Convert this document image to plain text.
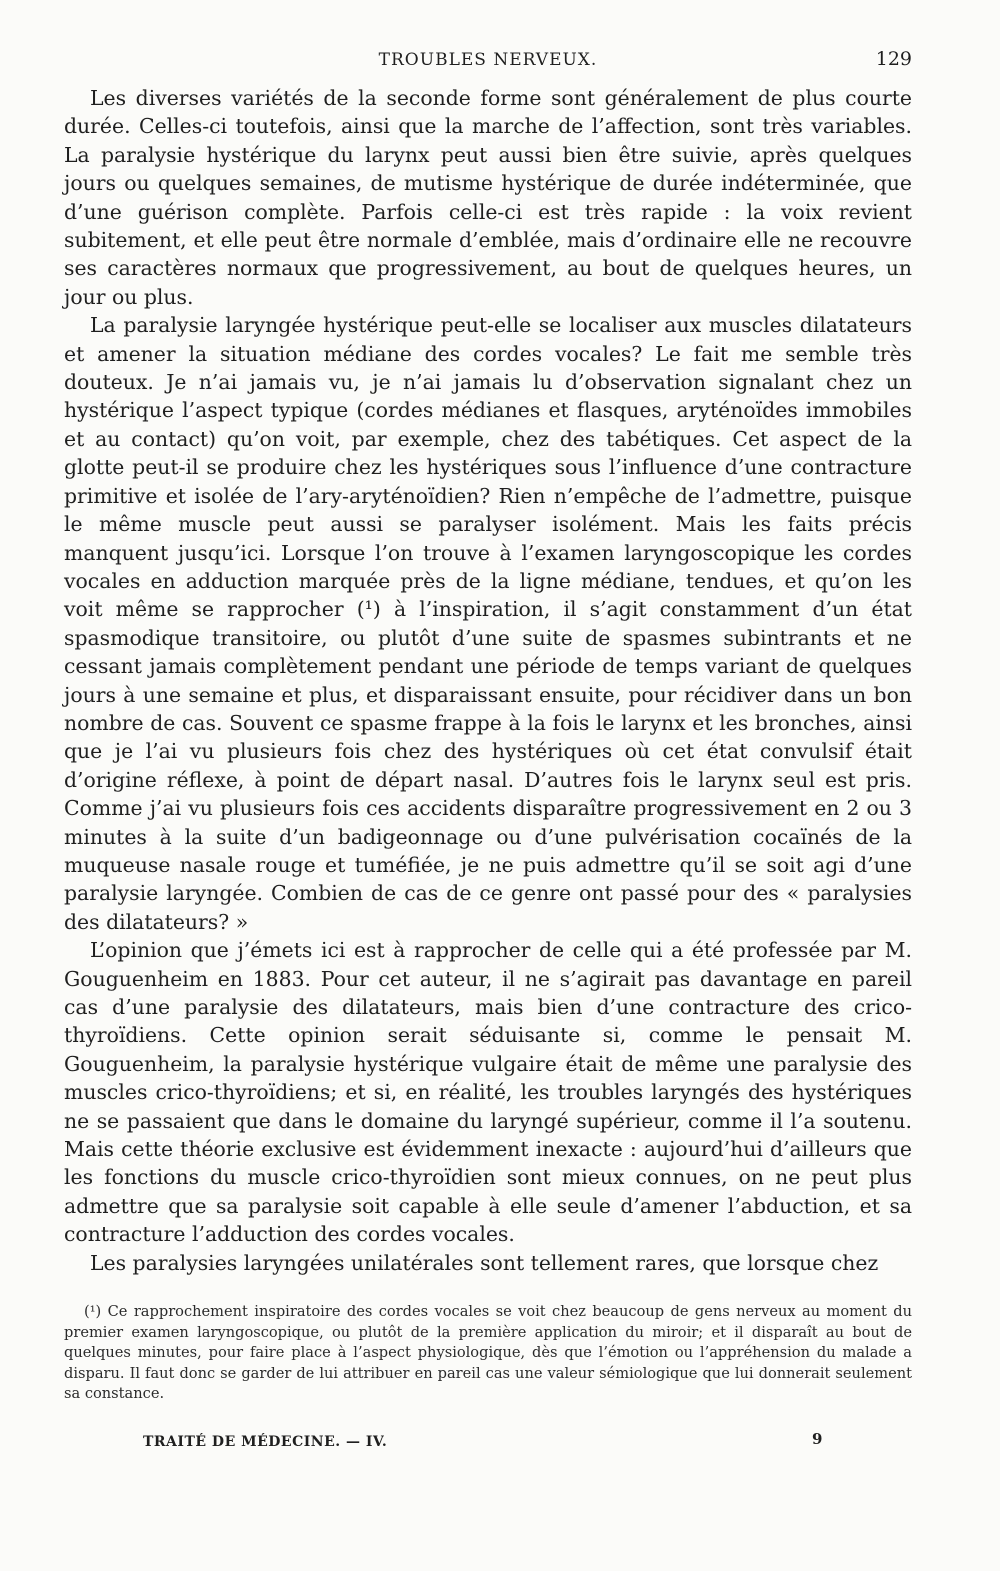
TROUBLES NERVEUX.	129

Les diverses variétés de la seconde forme sont généralement de plus courte durée. Celles-ci toutefois, ainsi que la marche de l’affection, sont très variables. La paralysie hystérique du larynx peut aussi bien être suivie, après quelques jours ou quelques semaines, de mutisme hystérique de durée indéterminée, que d’une guérison complète. Parfois celle-ci est très rapide : la voix revient subitement, et elle peut être normale d’emblée, mais d’ordinaire elle ne recouvre ses caractères normaux que progressivement, au bout de quelques heures, un jour ou plus.

La paralysie laryngée hystérique peut-elle se localiser aux muscles dilatateurs et amener la situation médiane des cordes vocales? Le fait me semble très douteux. Je n’ai jamais vu, je n’ai jamais lu d’observation signalant chez un hystérique l’aspect typique (cordes médianes et flasques, aryténoïdes immobiles et au contact) qu’on voit, par exemple, chez des tabétiques. Cet aspect de la glotte peut-il se produire chez les hystériques sous l’influence d’une contracture primitive et isolée de l’ary-aryténoïdien? Rien n’empêche de l’admettre, puisque le même muscle peut aussi se paralyser isolément. Mais les faits précis manquent jusqu’ici. Lorsque l’on trouve à l’examen laryngoscopique les cordes vocales en adduction marquée près de la ligne médiane, tendues, et qu’on les voit même se rapprocher (¹) à l’inspiration, il s’agit constamment d’un état spasmodique transitoire, ou plutôt d’une suite de spasmes subintrants et ne cessant jamais complètement pendant une période de temps variant de quelques jours à une semaine et plus, et disparaissant ensuite, pour récidiver dans un bon nombre de cas. Souvent ce spasme frappe à la fois le larynx et les bronches, ainsi que je l’ai vu plusieurs fois chez des hystériques où cet état convulsif était d’origine réflexe, à point de départ nasal. D’autres fois le larynx seul est pris. Comme j’ai vu plusieurs fois ces accidents disparaître progressivement en 2 ou 3 minutes à la suite d’un badigeonnage ou d’une pulvérisation cocaïnés de la muqueuse nasale rouge et tuméfiée, je ne puis admettre qu’il se soit agi d’une paralysie laryngée. Combien de cas de ce genre ont passé pour des « paralysies des dilatateurs? »

L’opinion que j’émets ici est à rapprocher de celle qui a été professée par M. Gouguenheim en 1883. Pour cet auteur, il ne s’agirait pas davantage en pareil cas d’une paralysie des dilatateurs, mais bien d’une contracture des crico-thyroïdiens. Cette opinion serait séduisante si, comme le pensait M. Gouguenheim, la paralysie hystérique vulgaire était de même une paralysie des muscles crico-thyroïdiens; et si, en réalité, les troubles laryngés des hystériques ne se passaient que dans le domaine du laryngé supérieur, comme il l’a soutenu. Mais cette théorie exclusive est évidemment inexacte : aujourd’hui d’ailleurs que les fonctions du muscle crico-thyroïdien sont mieux connues, on ne peut plus admettre que sa paralysie soit capable à elle seule d’amener l’abduction, et sa contracture l’adduction des cordes vocales.

Les paralysies laryngées unilatérales sont tellement rares, que lorsque chez

(¹) Ce rapprochement inspiratoire des cordes vocales se voit chez beaucoup de gens nerveux au moment du premier examen laryngoscopique, ou plutôt de la première application du miroir; et il disparaît au bout de quelques minutes, pour faire place à l’aspect physiologique, dès que l’émotion ou l’appréhension du malade a disparu. Il faut donc se garder de lui attribuer en pareil cas une valeur sémiologique que lui donnerait seulement sa constance.

TRAITÉ DE MÉDECINE. — IV.	9
